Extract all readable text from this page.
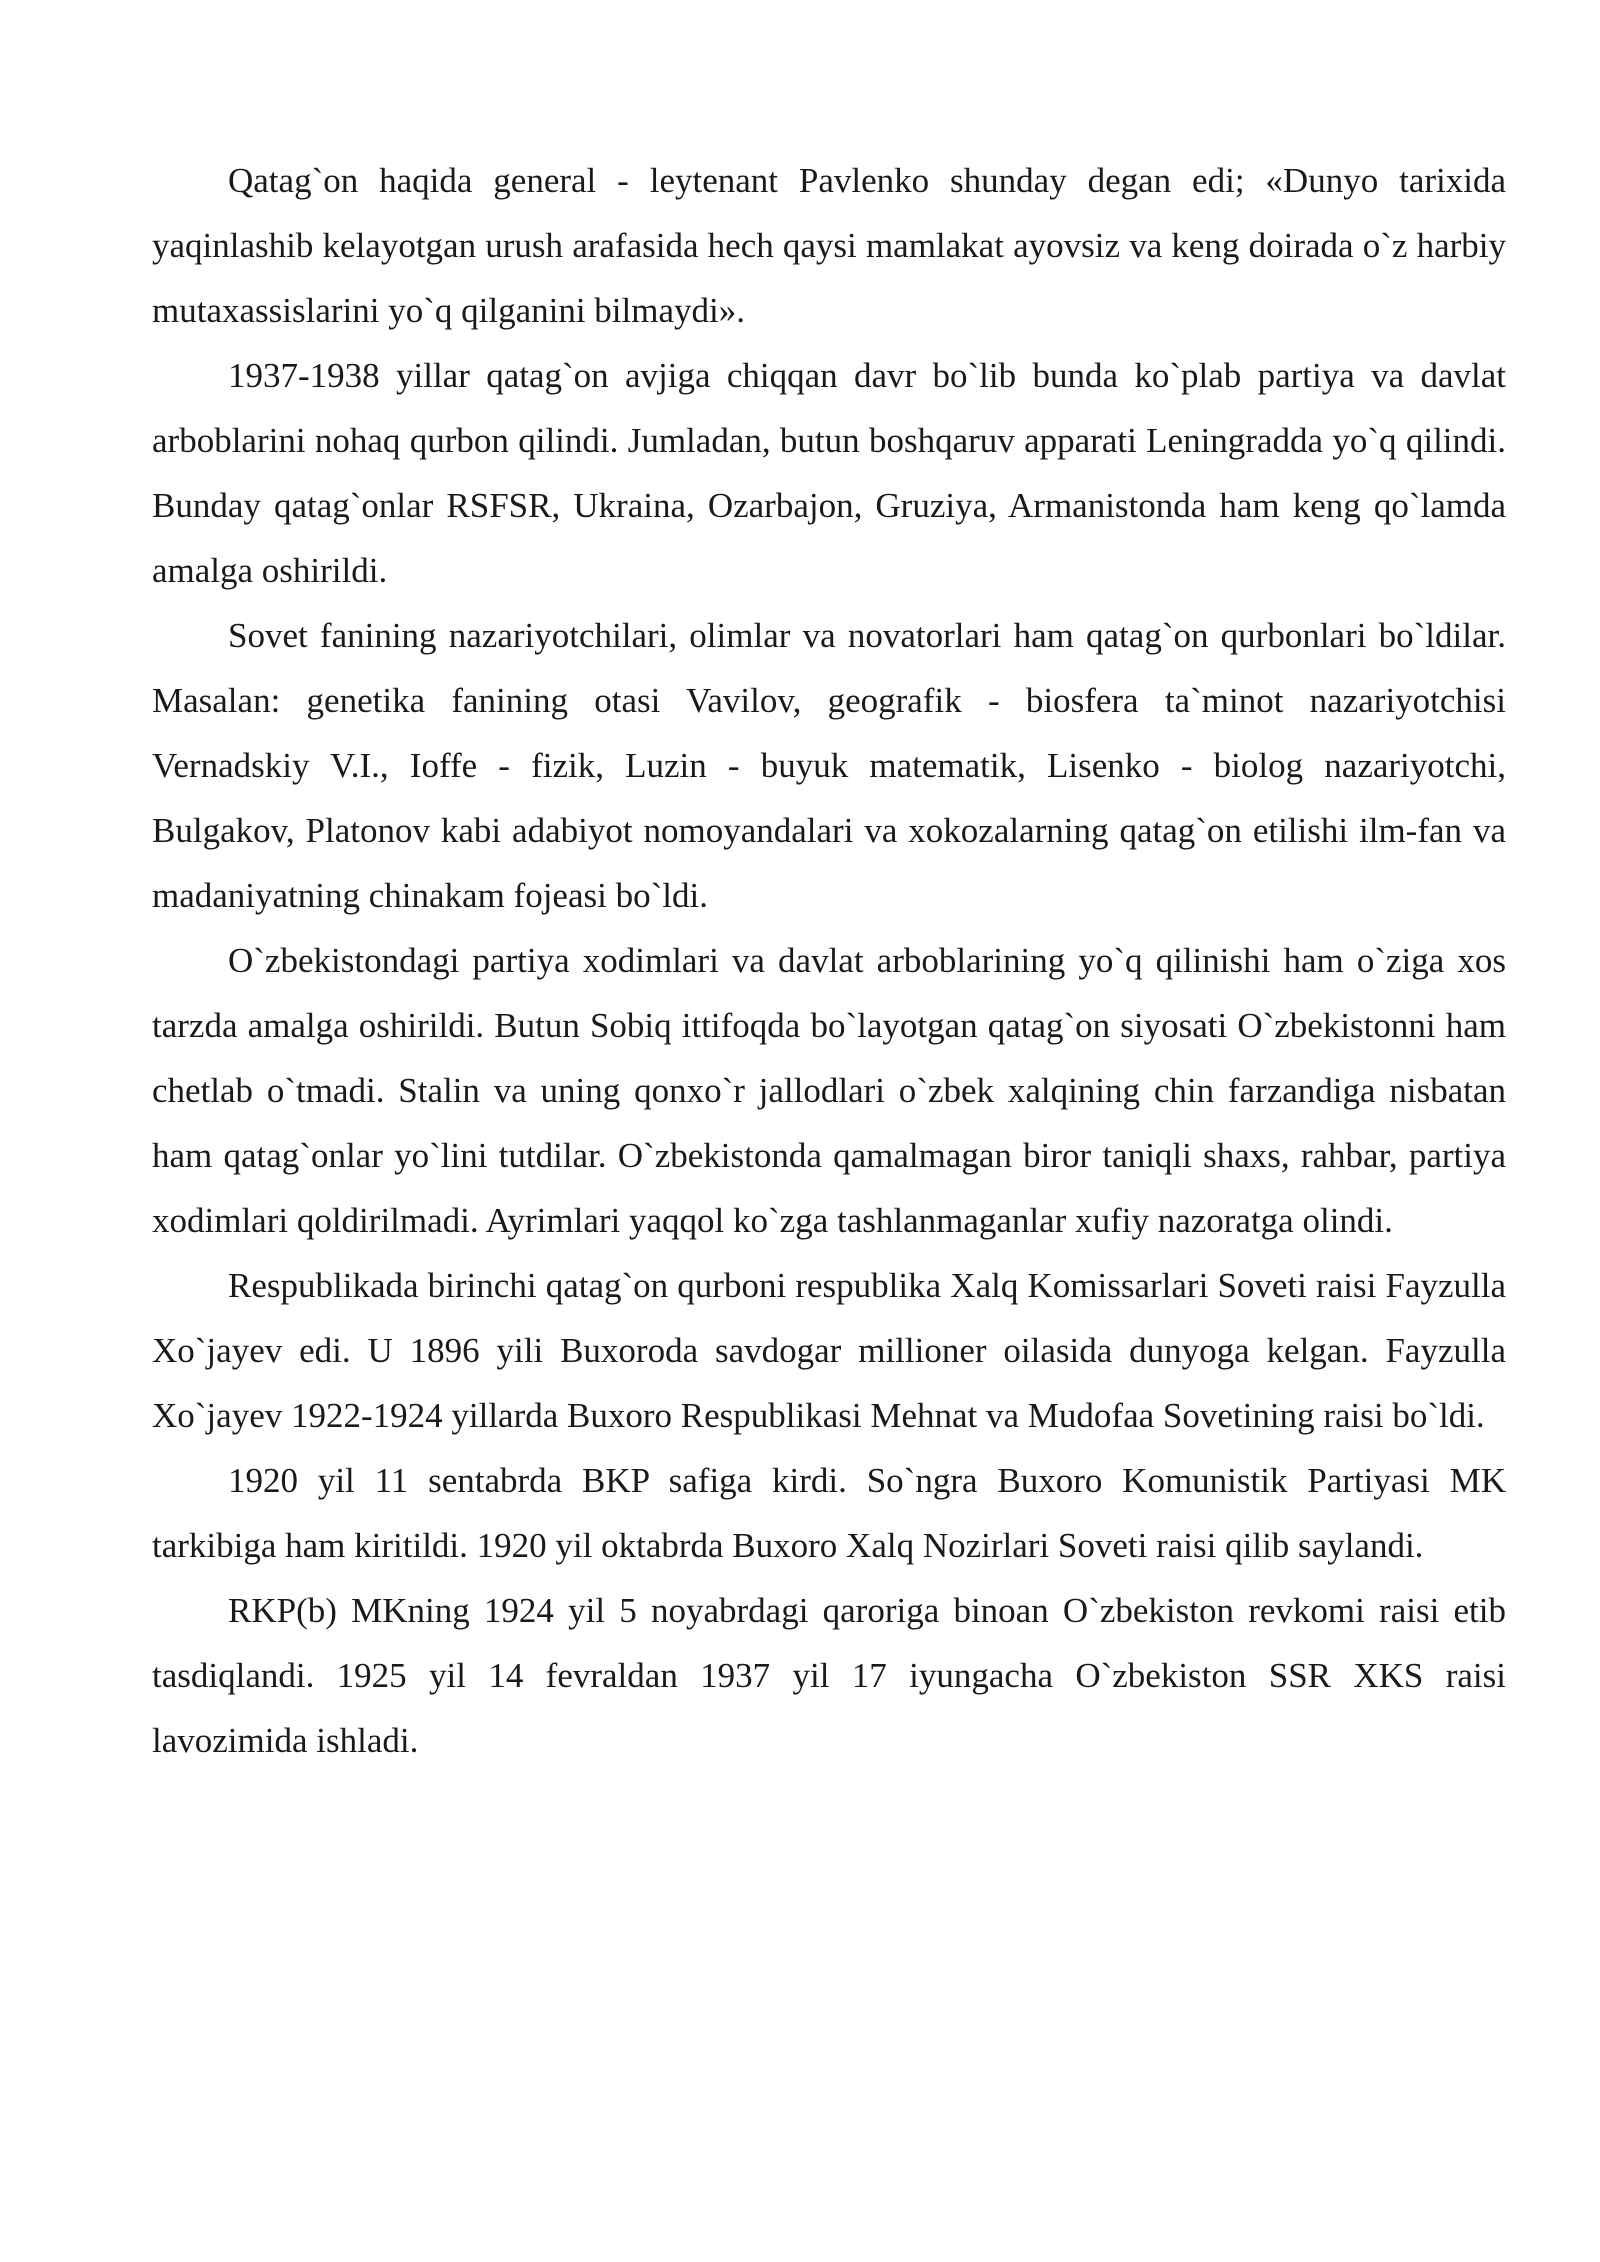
Qatag`on haqida general - leytenant Pavlenko shunday degan edi; «Dunyo tarixida yaqinlashib kelayotgan urush arafasida hech qaysi mamlakat ayovsiz va keng doirada o`z harbiy mutaxassislarini yo`q qilganini bilmaydi».

1937-1938 yillar qatag`on avjiga chiqqan davr bo`lib bunda ko`plab partiya va davlat arboblarini nohaq qurbon qilindi. Jumladan, butun boshqaruv apparati Leningradda yo`q qilindi. Bunday qatag`onlar RSFSR, Ukraina, Ozarbajon, Gruziya, Armanistonda ham keng qo`lamda amalga oshirildi.

Sovet fanining nazariyotchilari, olimlar va novatorlari ham qatag`on qurbonlari bo`ldilar. Masalan: genetika fanining otasi Vavilov, geografik - biosfera ta`minot nazariyotchisi Vernadskiy V.I., Ioffe - fizik, Luzin - buyuk matematik, Lisenko - biolog nazariyotchi, Bulgakov, Platonov kabi adabiyot nomoyandalari va xokozalarning qatag`on etilishi ilm-fan va madaniyatning chinakam fojeasi bo`ldi.

O`zbekistondagi partiya xodimlari va davlat arboblarining yo`q qilinishi ham o`ziga xos tarzda amalga oshirildi. Butun Sobiq ittifoqda bo`layotgan qatag`on siyosati O`zbekistonni ham chetlab o`tmadi. Stalin va uning qonxo`r jallodlari o`zbek xalqining chin farzandiga nisbatan ham qatag`onlar yo`lini tutdilar. O`zbekistonda qamalmagan biror taniqli shaxs, rahbar, partiya xodimlari qoldirilmadi. Ayrimlari yaqqol ko`zga tashlanmaganlar xufiy nazoratga olindi.

Respublikada birinchi qatag`on qurboni respublika Xalq Komissarlari Soveti raisi Fayzulla Xo`jayev edi. U 1896 yili Buxoroda savdogar millioner oilasida dunyoga kelgan. Fayzulla Xo`jayev 1922-1924 yillarda Buxoro Respublikasi Mehnat va Mudofaa Sovetining raisi bo`ldi.

1920 yil 11 sentabrda BKP safiga kirdi. So`ngra Buxoro Komunistik Partiyasi MK tarkibiga ham kiritildi. 1920 yil oktabrda Buxoro Xalq Nozirlari Soveti raisi qilib saylandi.

RKP(b) MKning 1924 yil 5 noyabrdagi qaroriga binoan O`zbekiston revkomi raisi etib tasdiqlandi. 1925 yil 14 fevraldan 1937 yil 17 iyungacha O`zbekiston SSR XKS raisi lavozimida ishladi.
